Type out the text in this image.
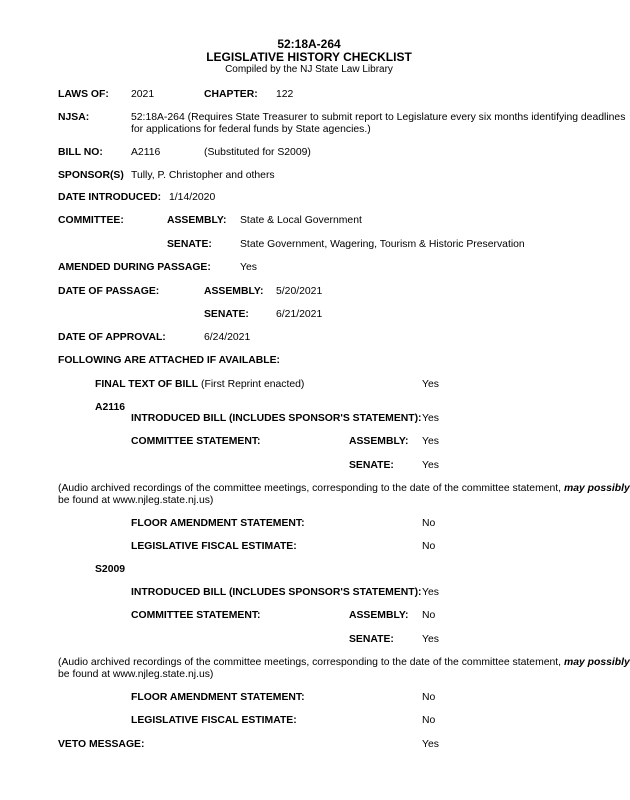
52:18A-264
LEGISLATIVE HISTORY CHECKLIST
Compiled by the NJ State Law Library
LAWS OF: 2021	CHAPTER: 122
NJSA:	52:18A-264 (Requires State Treasurer to submit report to Legislature every six months identifying deadlines
for applications for federal funds by State agencies.)
BILL NO:	A2116	(Substituted for S2009)
SPONSOR(S) Tully, P. Christopher and others
DATE INTRODUCED: 1/14/2020
COMMITTEE:	ASSEMBLY: State & Local Government
SENATE:	State Government, Wagering, Tourism & Historic Preservation
AMENDED DURING PASSAGE:	Yes
DATE OF PASSAGE:	ASSEMBLY: 5/20/2021
SENATE:	6/21/2021
DATE OF APPROVAL:	6/24/2021
FOLLOWING ARE ATTACHED IF AVAILABLE:
FINAL TEXT OF BILL (First Reprint enacted)	Yes
A2116
INTRODUCED BILL (INCLUDES SPONSOR'S STATEMENT): Yes
COMMITTEE STATEMENT:	ASSEMBLY: Yes
SENATE:	Yes
(Audio archived recordings of the committee meetings, corresponding to the date of the committee statement, may possibly
be found at www.njleg.state.nj.us)
FLOOR AMENDMENT STATEMENT:	No
LEGISLATIVE FISCAL ESTIMATE:	No
S2009
INTRODUCED BILL (INCLUDES SPONSOR'S STATEMENT): Yes
COMMITTEE STATEMENT:	ASSEMBLY: No
SENATE:	Yes
(Audio archived recordings of the committee meetings, corresponding to the date of the committee statement, may possibly
be found at www.njleg.state.nj.us)
FLOOR AMENDMENT STATEMENT:	No
LEGISLATIVE FISCAL ESTIMATE:	No
VETO MESSAGE:	Yes
